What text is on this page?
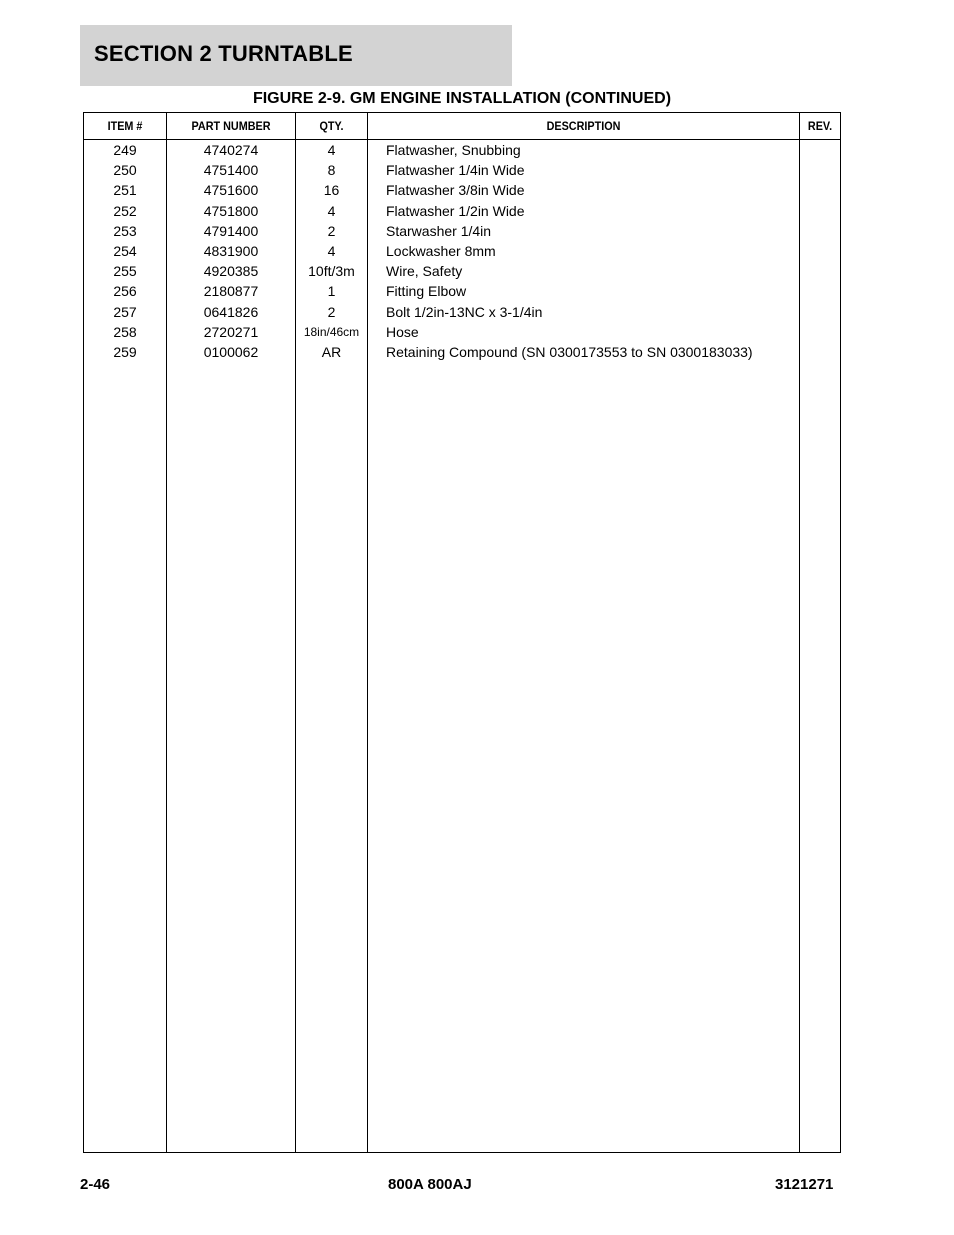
SECTION 2 TURNTABLE
FIGURE 2-9. GM ENGINE INSTALLATION (CONTINUED)
ITEM #	PART NUMBER	QTY.	DESCRIPTION	REV.
249	4740274	4	Flatwasher, Snubbing
250	4751400	8	Flatwasher 1/4in Wide
251	4751600	16	Flatwasher 3/8in Wide
252	4751800	4	Flatwasher 1/2in Wide
253	4791400	2	Starwasher 1/4in
254	4831900	4	Lockwasher 8mm
255	4920385	10ft/3m	Wire, Safety
256	2180877	1	Fitting Elbow
257	0641826	2	Bolt 1/2in-13NC x 3-1/4in
258	2720271	18in/46cm	Hose
259	0100062	AR	Retaining Compound (SN 0300173553 to SN 0300183033)
2-46	800A 800AJ	3121271
